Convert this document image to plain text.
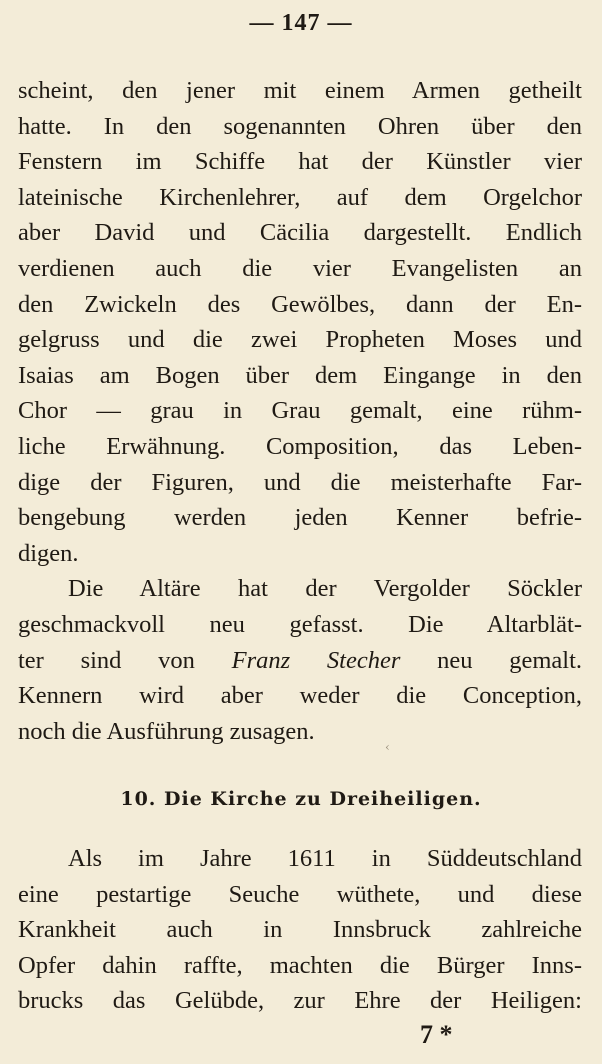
— 147 —
scheint, den jener mit einem Armen getheilt
hatte. In den sogenannten Ohren über den
Fenstern im Schiffe hat der Künstler vier
lateinische Kirchenlehrer, auf dem Orgelchor
aber David und Cäcilia dargestellt. Endlich
verdienen auch die vier Evangelisten an
den Zwickeln des Gewölbes, dann der En-
gelgruss und die zwei Propheten Moses und
Isaias am Bogen über dem Eingange in den
Chor — grau in Grau gemalt, eine rühm-
liche Erwähnung. Composition, das Leben-
dige der Figuren, und die meisterhafte Far-
bengebung werden jeden Kenner befrie-
digen.
Die Altäre hat der Vergolder Söckler
geschmackvoll neu gefasst. Die Altarblät-
ter sind von Franz Stecher neu gemalt.
Kennern wird aber weder die Conception,
noch die Ausführung zusagen.
‹
10. Die Kirche zu Dreiheiligen.
Als im Jahre 1611 in Süddeutschland
eine pestartige Seuche wüthete, und diese
Krankheit auch in Innsbruck zahlreiche
Opfer dahin raffte, machten die Bürger Inns-
brucks das Gelübde, zur Ehre der Heiligen:
7 *
